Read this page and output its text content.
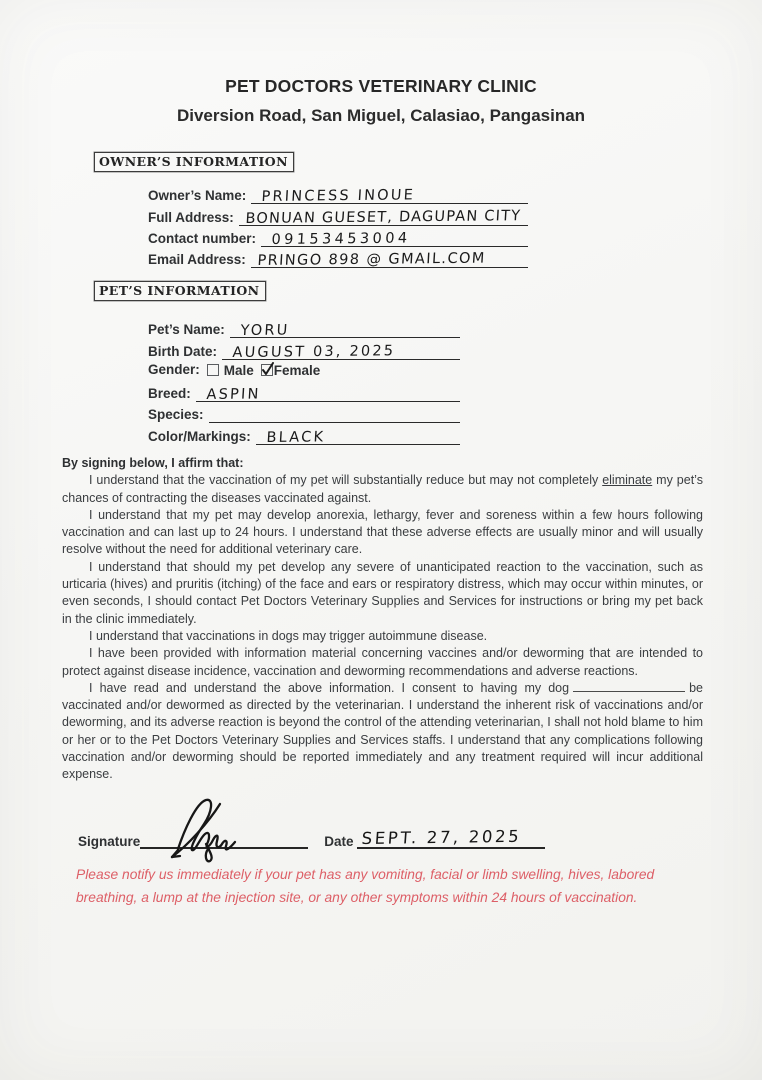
PET DOCTORS VETERINARY CLINIC
Diversion Road, San Miguel, Calasiao, Pangasinan
OWNER’S INFORMATION
Owner’s Name: PRINCESS INOUE
Full Address: BONUAN GUESET, DAGUPAN CITY
Contact number: 09153453004
Email Address: PRINGO 898 @ GMAIL.COM
PET’S INFORMATION
Pet’s Name: YORU
Birth Date: AUGUST 03, 2025
Gender: Male Female
Breed: ASPIN
Species:
Color/Markings: BLACK
By signing below, I affirm that:

I understand that the vaccination of my pet will substantially reduce but may not completely eliminate my pet’s chances of contracting the diseases vaccinated against.

I understand that my pet may develop anorexia, lethargy, fever and soreness within a few hours following vaccination and can last up to 24 hours. I understand that these adverse effects are usually minor and will usually resolve without the need for additional veterinary care.

I understand that should my pet develop any severe of unanticipated reaction to the vaccination, such as urticaria (hives) and pruritis (itching) of the face and ears or respiratory distress, which may occur within minutes, or even seconds, I should contact Pet Doctors Veterinary Supplies and Services for instructions or bring my pet back in the clinic immediately.

I understand that vaccinations in dogs may trigger autoimmune disease.

I have been provided with information material concerning vaccines and/or deworming that are intended to protect against disease incidence, vaccination and deworming recommendations and adverse reactions.

I have read and understand the above information. I consent to having my dog	be vaccinated and/or dewormed as directed by the veterinarian. I understand the inherent risk of vaccinations and/or deworming, and its adverse reaction is beyond the control of the attending veterinarian, I shall not hold blame to him or her or to the Pet Doctors Veterinary Supplies and Services staffs. I understand that any complications following vaccination and/or deworming should be reported immediately and any treatment required will incur additional expense.

Signature	Date SEPT. 27, 2025
Please notify us immediately if your pet has any vomiting, facial or limb swelling, hives, labored
breathing, a lump at the injection site, or any other symptoms within 24 hours of vaccination.
